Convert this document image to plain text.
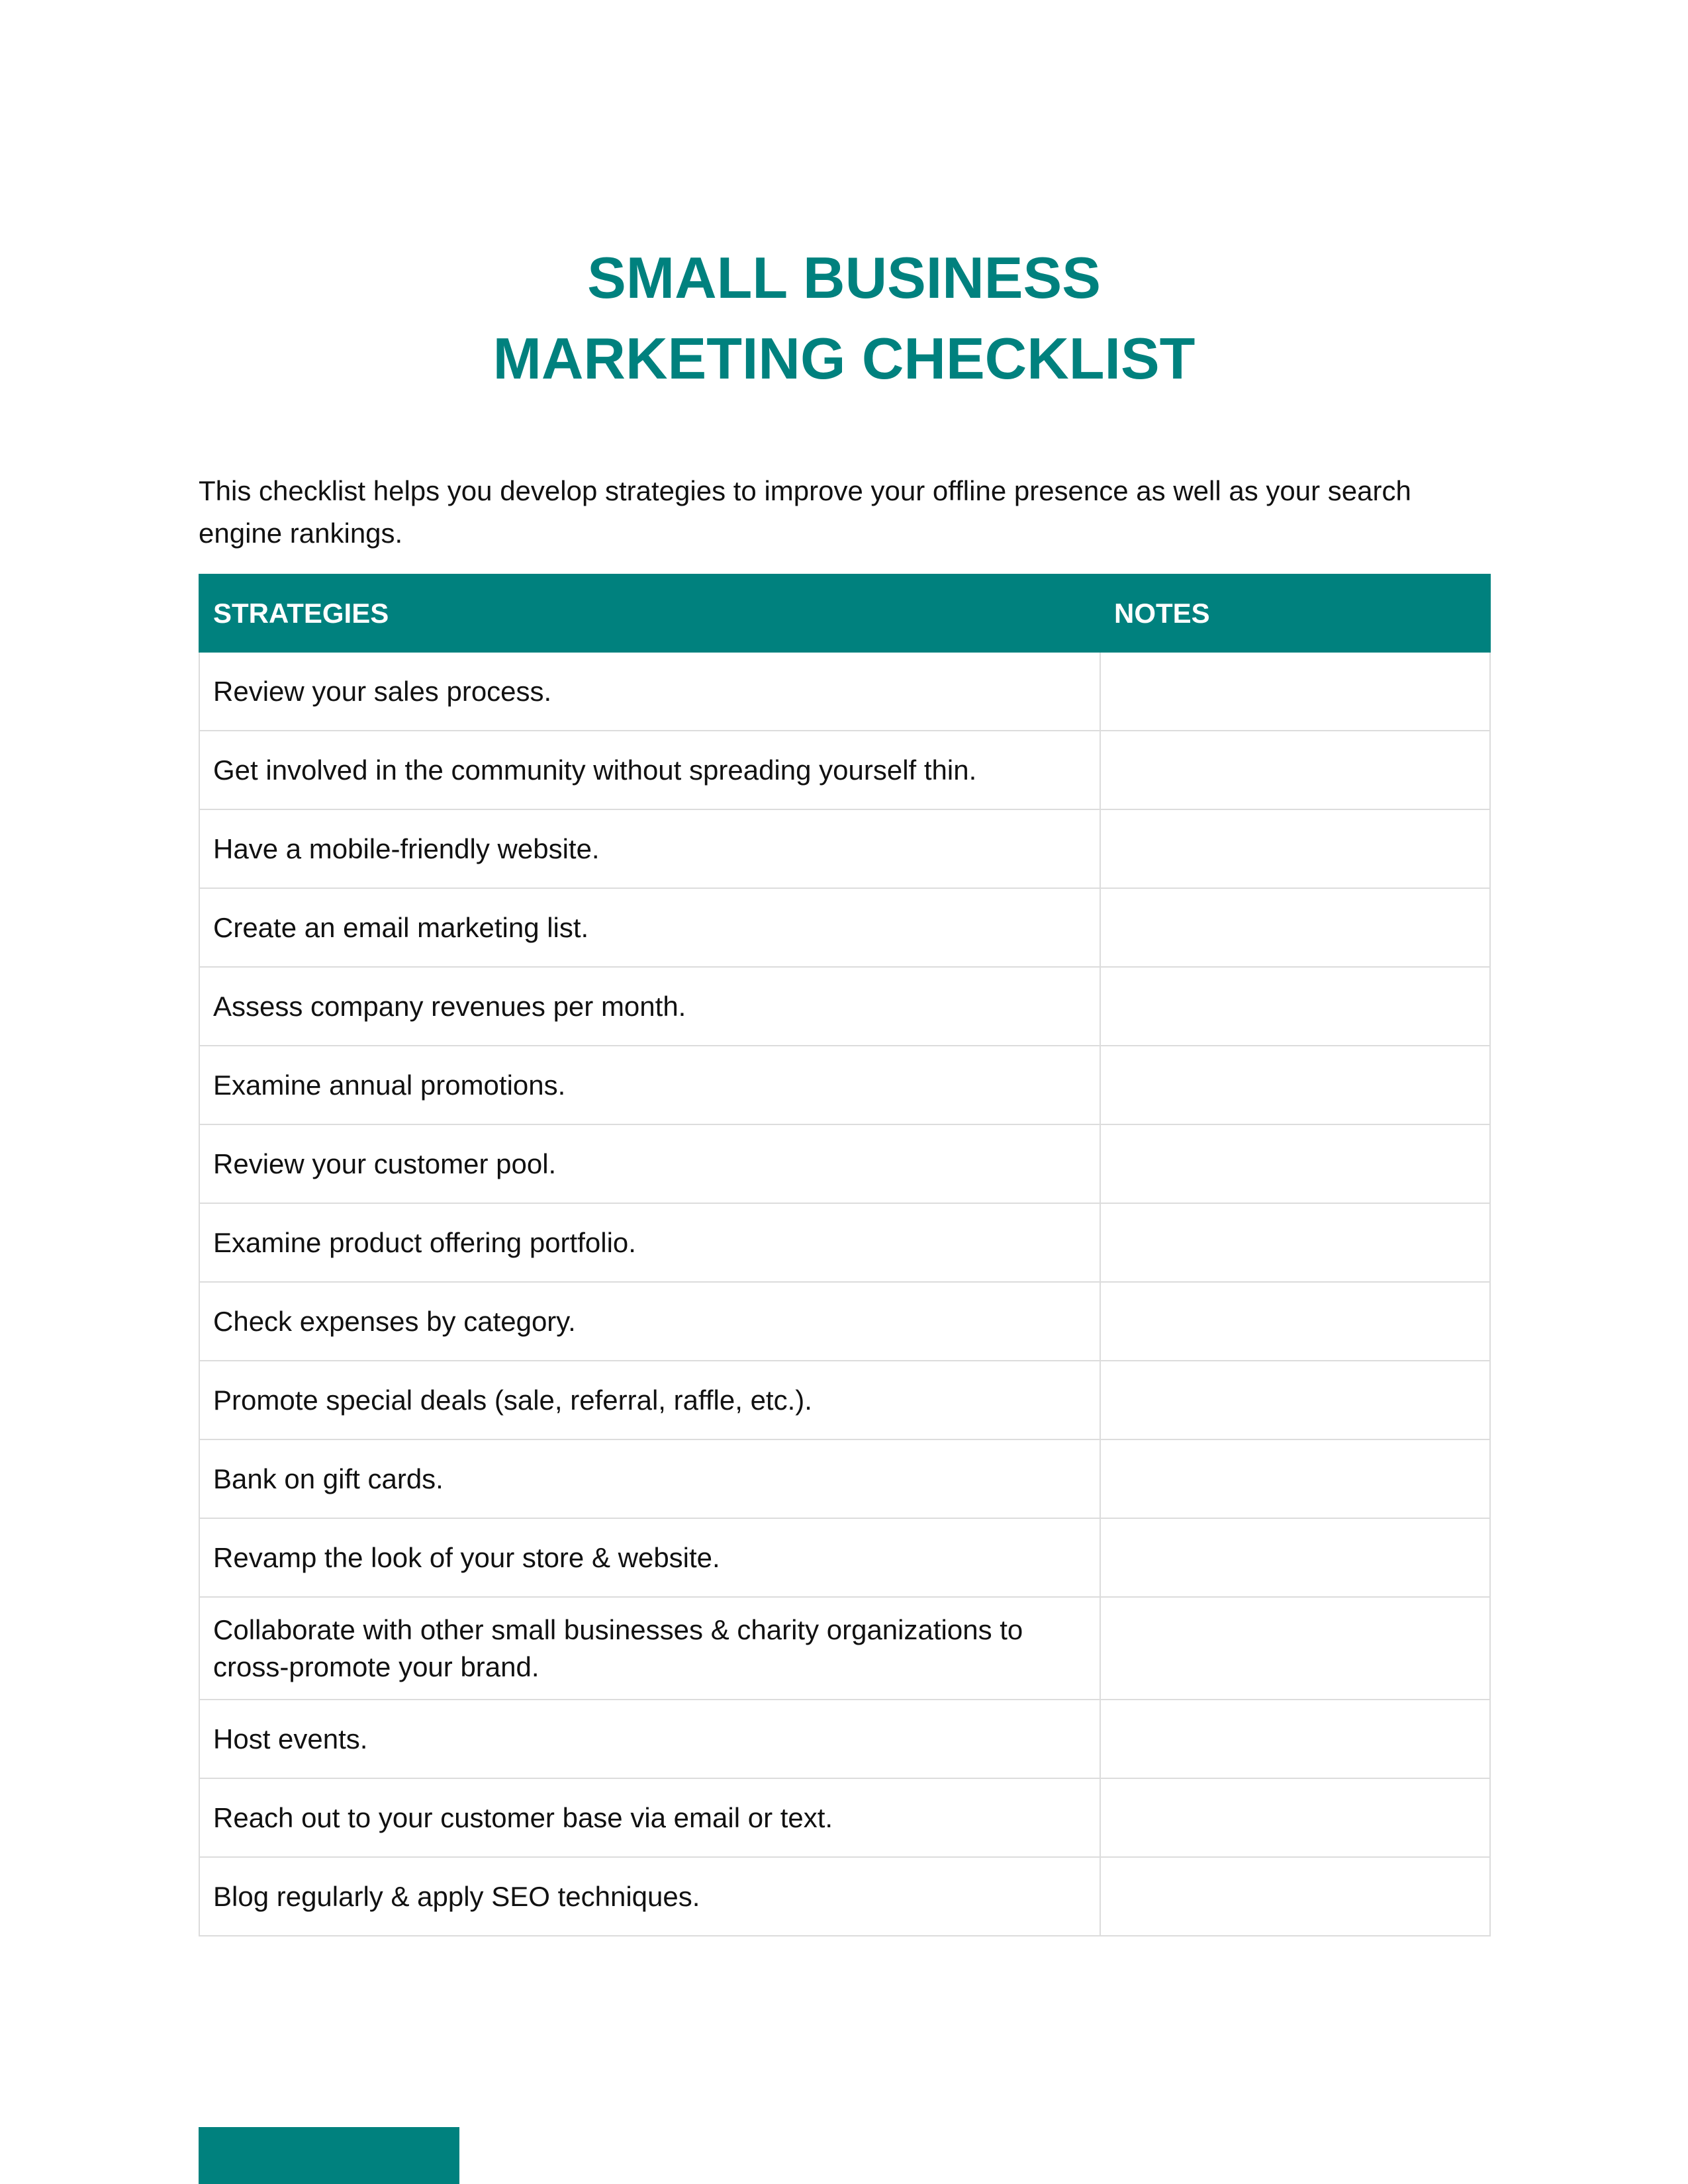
SMALL BUSINESS
MARKETING CHECKLIST

This checklist helps you develop strategies to improve your offline presence as well as your search engine rankings.

STRATEGIES	NOTES
Review your sales process.	
Get involved in the community without spreading yourself thin.	
Have a mobile-friendly website.	
Create an email marketing list.	
Assess company revenues per month.	
Examine annual promotions.	
Review your customer pool.	
Examine product offering portfolio.	
Check expenses by category.	
Promote special deals (sale, referral, raffle, etc.).	
Bank on gift cards.	
Revamp the look of your store & website.	
Collaborate with other small businesses & charity organizations to cross-promote your brand.	
Host events.	
Reach out to your customer base via email or text.	
Blog regularly & apply SEO techniques.	
